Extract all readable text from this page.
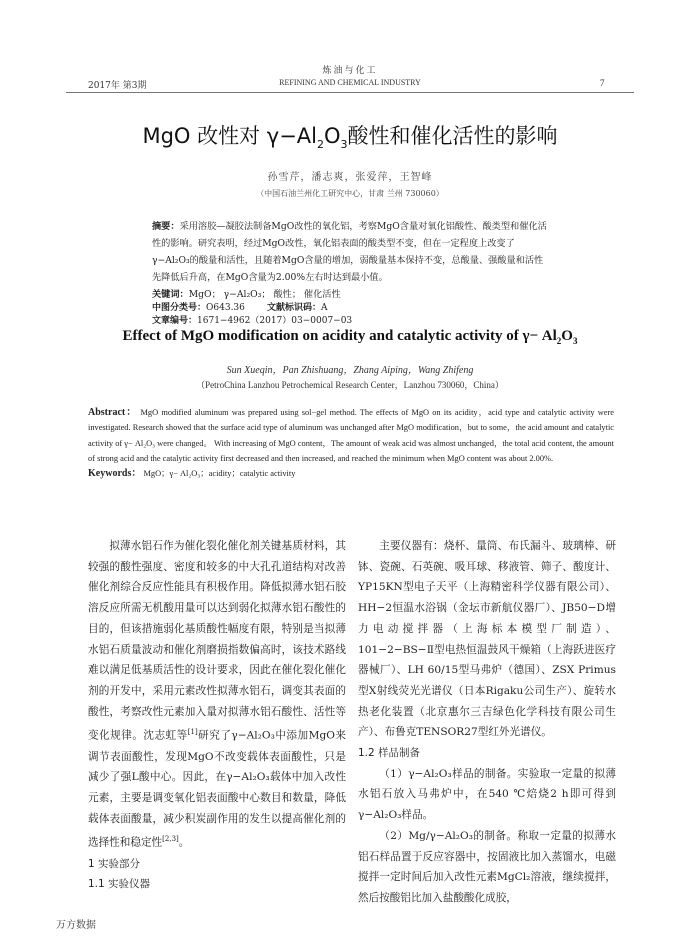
2017年 第3期
炼油与化工
REFINING AND CHEMICAL INDUSTRY	7
MgO 改性对 $\gamma-Al_2O_3$酸性和催化活性的影响
孙雪芹，潘志爽，张爱萍，王智峰
（中国石油兰州化工研究中心，甘肃 兰州 730060）
摘要：采用溶胶—凝胶法制备MgO改性的氧化铝，考察MgO含量对氧化铝酸性、酸类型和催化活性的影响。研究表明，经过MgO改性，氧化铝表面的酸类型不变，但在一定程度上改变了γ−Al₂O₃的酸量和活性，且随着MgO含量的增加，弱酸量基本保持不变，总酸量、强酸量和活性先降低后升高，在MgO含量为2.00%左右时达到最小值。
关键词：MgO； γ−Al₂O₃； 酸性； 催化活性
中图分类号：O643.36 文献标识码：A文章编号：1671−4962（2017）03−0007−03
Effect of MgO modification on acidity and catalytic activity of $\gamma- Al_2O_3$
Sun Xueqin，Pan Zhishuang，Zhang Aiping，Wang Zhifeng
（PetroChina Lanzhou Petrochemical Research Center，Lanzhou 730060，China）
Abstract： MgO modified aluminum was prepared using sol−gel method. The effects of MgO on its acidity，acid type and catalytic activity were investigated. Research showed that the surface acid type of aluminum was unchanged after MgO modification，but to some，the acid amount and catalytic activity of γ− Al₂O₃ were changed。 With increasing of MgO content，The amount of weak acid was almost unchanged，the total acid content, the amount of strong acid and the catalytic activity first decreased and then increased, and reached the minimum when MgO content was about 2.00%.
Keywords： MgO；γ− Al₂O₃；acidity；catalytic activity

拟薄水铝石作为催化裂化催化剂关键基质材料，其较强的酸性强度、密度和较多的中大孔孔道结构对改善催化剂综合反应性能具有积极作用。降低拟薄水铝石胶溶反应所需无机酸用量可以达到弱化拟薄水铝石酸性的目的，但该措施弱化基质酸性幅度有限，特别是当拟薄水铝石质量波动和催化剂磨损指数偏高时，该技术路线难以满足低基质活性的设计要求，因此在催化裂化催化剂的开发中，采用元素改性拟薄水铝石，调变其表面的酸性，考察改性元素加入量对拟薄水铝石酸性、活性等变化规律。沈志虹等[1]研究了γ−Al₂O₃中添加MgO来调节表面酸性，发现MgO不改变载体表面酸性，只是减少了强L酸中心。因此，在γ−Al₂O₃载体中加入改性元素，主要是调变氧化铝表面酸中心数目和数量，降低载体表面酸量，减少积炭副作用的发生以提高催化剂的选择性和稳定性[2,3]。

1 实验部分

1.1 实验仪器

主要仪器有：烧杯、量筒、布氏漏斗、玻璃棒、研钵、瓷碗、石英碗、吸耳球、移液管、筛子、酸度计、YP15KN型电子天平（上海精密科学仪器有限公司）、HH−2恒温水浴锅（金坛市新航仪器厂）、JB50−D增力电动搅拌器（上海标本模型厂制造）、101−2−BS−Ⅱ型电热恒温鼓风干燥箱（上海跃进医疗器械厂）、LH 60/15型马弗炉（德国）、ZSX Primus型X射线荧光光谱仪（日本Rigaku公司生产）、旋转水热老化装置（北京惠尔三吉绿色化学科技有限公司生产）、布鲁克TENSOR27型红外光谱仪。

1.2 样品制备

（1）γ−Al₂O₃样品的制备。实验取一定量的拟薄水铝石放入马弗炉中，在540 ℃焙烧2 h即可得到γ−Al₂O₃样品。

（2）Mg/γ−Al₂O₃的制备。称取一定量的拟薄水铝石样品置于反应容器中，按固液比加入蒸馏水，电磁搅拌一定时间后加入改性元素MgCl₂溶液，继续搅拌，然后按酸铝比加入盐酸酸化成胶，

万方数据
